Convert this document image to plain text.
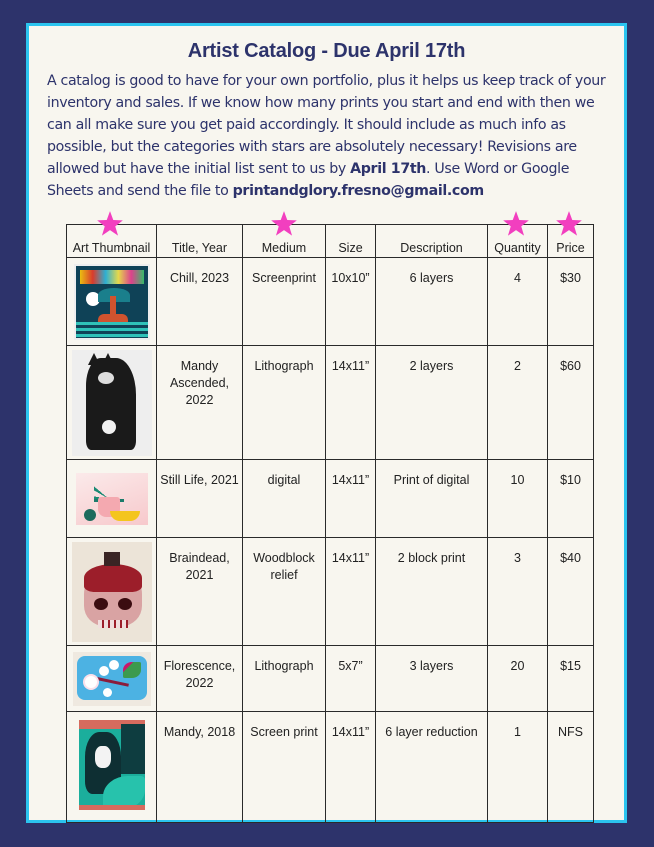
Artist Catalog - Due April 17th

A catalog is good to have for your own portfolio, plus it helps us keep track of your inventory and sales. If we know how many prints you start and end with then we can all make sure you get paid accordingly. It should include as much info as possible, but the categories with stars are absolutely necessary! Revisions are allowed but have the initial list sent to us by April 17th. Use Word or Google Sheets and send the file to printandglory.fresno@gmail.com

Art Thumbnail	Title, Year	Medium	Size	Description	Quantity	Price

	Chill, 2023	Screenprint	10x10”	6 layers	4	$30

	Mandy Ascended, 2022	Lithograph	14x11”	2 layers	2	$60

	Still Life, 2021	digital	14x11”	Print of digital	10	$10

	Braindead, 2021	Woodblock relief	14x11”	2 block print	3	$40

	Florescence, 2022	Lithograph	5x7”	3 layers	20	$15

	Mandy, 2018	Screen print	14x11”	6 layer reduction	1	NFS
